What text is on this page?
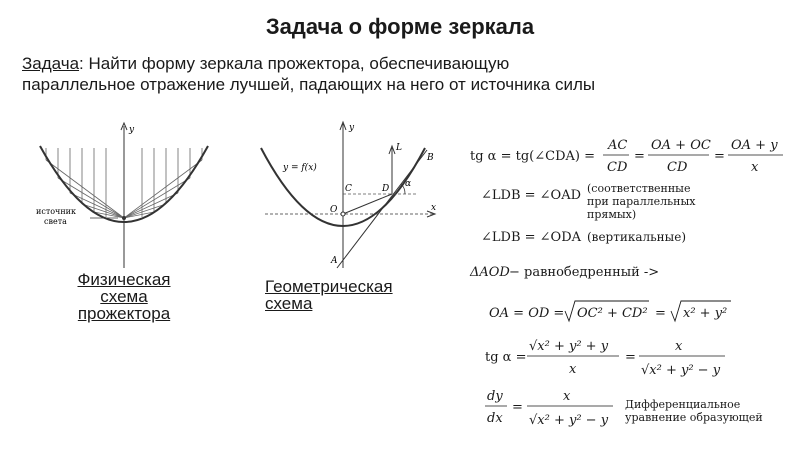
Задача о форме зеркала
Задача: Найти форму зеркала прожектора, обеспечивающую
параллельное отражение лучшей, падающих на него от источника силы
y
источник
света
Физическая
схема
прожектора
y
x
y = f(x)
L
B
α
O
C	D
A
Геометрическая
схема
tg α = tg(∠CDA) =
AC
CD
=
OA + OC
CD
=
OA + y
x
∠LDB = ∠OAD (соответственные
при параллельных
прямых)
∠LDB = ∠ODA (вертикальные)
ΔAOD − равнобедренный ->
OA = OD = OC² + CD² = x² + y²
tg α =
√x² + y² + y
x
=
x
√x² + y² − y
dy
dx
=
x
√x² + y² − y
Дифференциальное
уравнение образующей
